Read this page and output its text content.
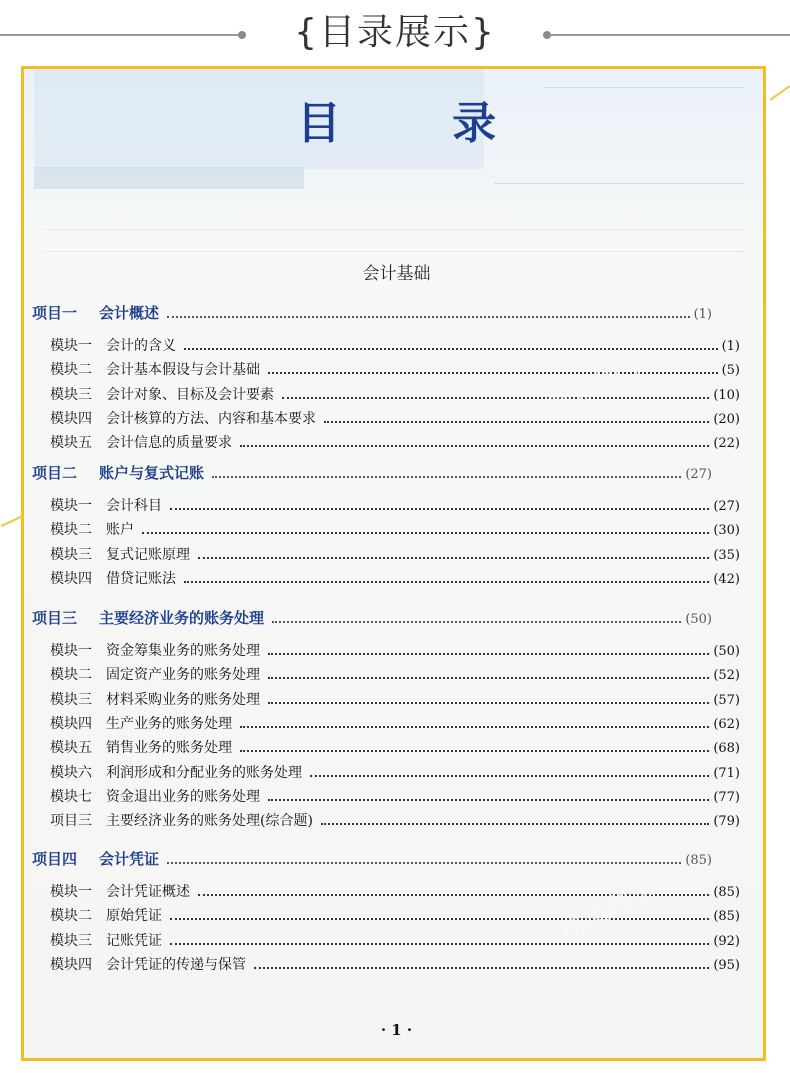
{目录展示}
目 录
会计基础
项目一 会计概述	(1)
模块一 会计的含义	(1)
模块二 会计基本假设与会计基础	(5)
模块三 会计对象、目标及会计要素	(10)
模块四 会计核算的方法、内容和基本要求	(20)
模块五 会计信息的质量要求	(22)
项目二 账户与复式记账	(27)
模块一 会计科目	(27)
模块二 账户	(30)
模块三 复式记账原理	(35)
模块四 借贷记账法	(42)
项目三 主要经济业务的账务处理	(50)
模块一 资金筹集业务的账务处理	(50)
模块二 固定资产业务的账务处理	(52)
模块三 材料采购业务的账务处理	(57)
模块四 生产业务的账务处理	(62)
模块五 销售业务的账务处理	(68)
模块六 利润形成和分配业务的账务处理	(71)
模块七 资金退出业务的账务处理	(77)
项目三 主要经济业务的账务处理(综合题)	(79)
项目四 会计凭证	(85)
模块一 会计凭证概述	(85)
模块二 原始凭证	(85)
模块三 记账凭证	(92)
模块四 会计凭证的传递与保管	(95)
蹦凌图书
蹦凌图书
· 1 ·
